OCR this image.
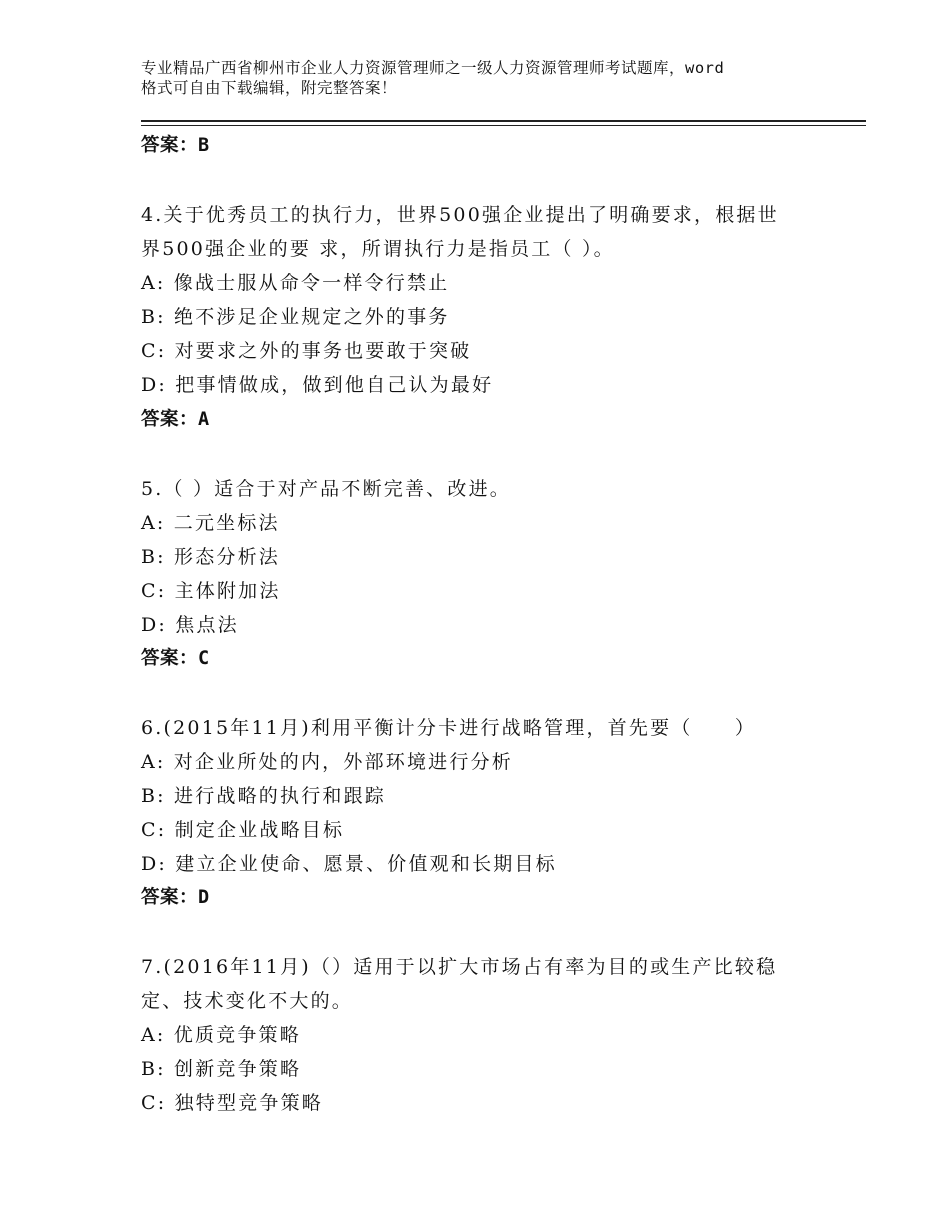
专业精品广西省柳州市企业人力资源管理师之一级人力资源管理师考试题库，word
格式可自由下载编辑，附完整答案！
答案：B
4.关于优秀员工的执行力，世界500强企业提出了明确要求，根据世
界500强企业的要 求，所谓执行力是指员工（ ）。
A: 像战士服从命令一样令行禁止
B: 绝不涉足企业规定之外的事务
C: 对要求之外的事务也要敢于突破
D: 把事情做成，做到他自己认为最好
答案：A
5.（ ）适合于对产品不断完善、改进。
A: 二元坐标法
B: 形态分析法
C: 主体附加法
D: 焦点法
答案：C
6.(2015年11月)利用平衡计分卡进行战略管理，首先要（　　）
A: 对企业所处的内，外部环境进行分析
B: 进行战略的执行和跟踪
C: 制定企业战略目标
D: 建立企业使命、愿景、价值观和长期目标
答案：D
7.(2016年11月)（）适用于以扩大市场占有率为目的或生产比较稳
定、技术变化不大的。
A: 优质竞争策略
B: 创新竞争策略
C: 独特型竞争策略
